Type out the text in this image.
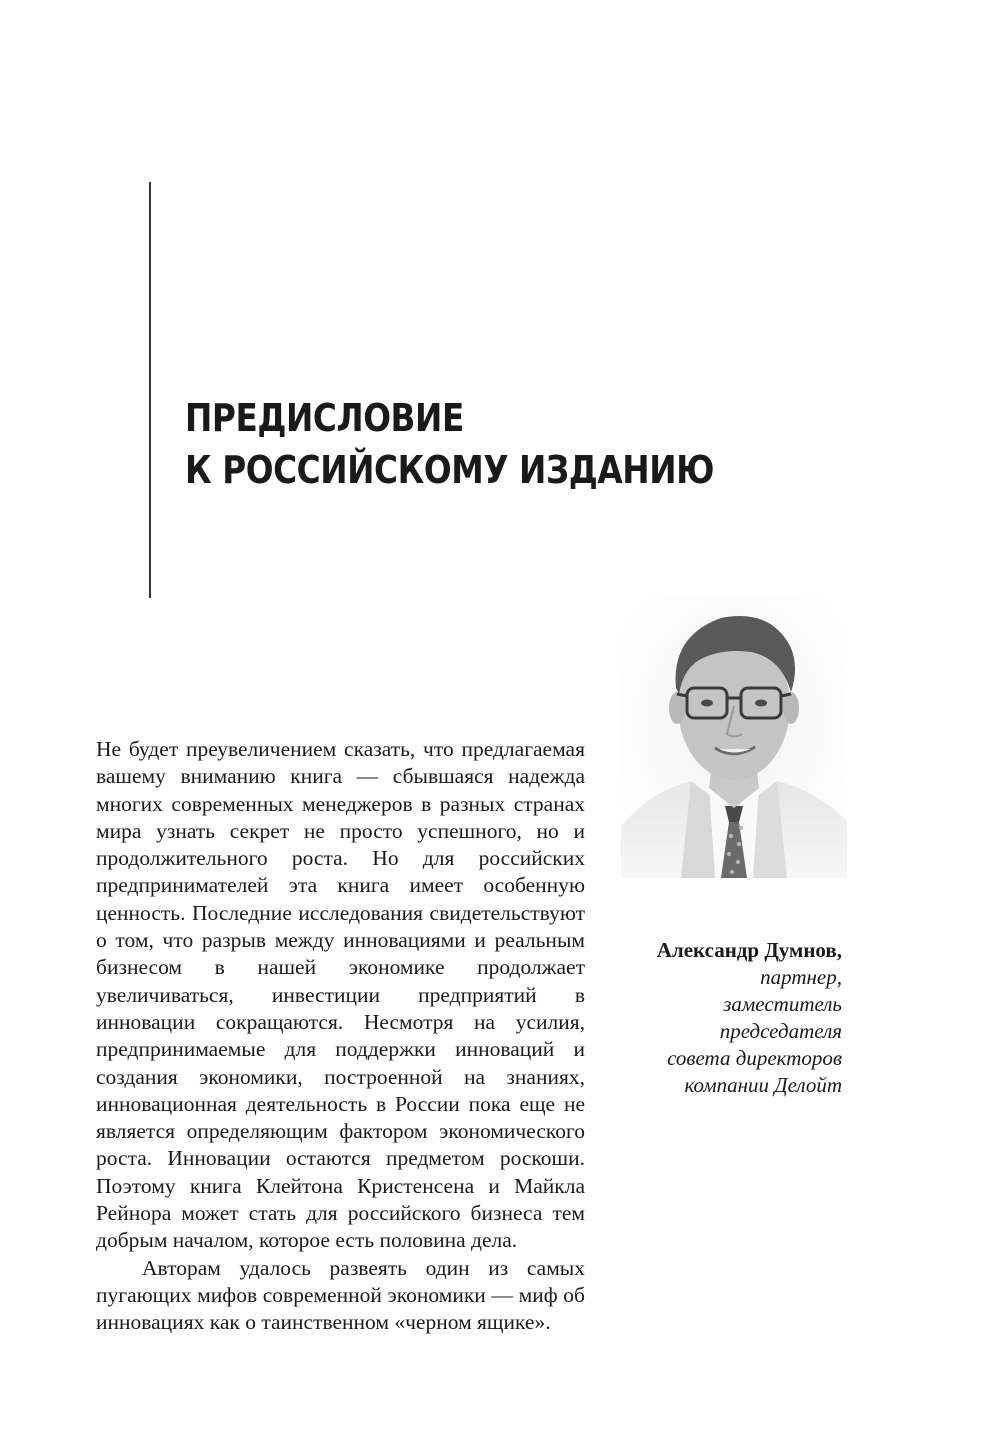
ПРЕДИСЛОВИЕ
К РОССИЙСКОМУ ИЗДАНИЮ
Александр Думнов,
партнер,
заместитель
председателя
совета директоров
компании Делойт

Не будет преувеличением сказать, что предлагаемая вашему вниманию книга — сбывшаяся надежда многих современных менеджеров в разных странах мира узнать секрет не просто успешного, но и продолжительного роста. Но для российских предпринимателей эта книга имеет особенную ценность. Последние исследования свидетельствуют о том, что разрыв между инновациями и реальным бизнесом в нашей экономике продолжает увеличиваться, инвестиции предприятий в инновации сокращаются. Несмотря на усилия, предпринимаемые для поддержки инноваций и создания экономики, построенной на знаниях, инновационная деятельность в России пока еще не является определяющим фактором экономического роста. Инновации остаются предметом роскоши. Поэтому книга Клейтона Кристенсена и Майкла Рейнора может стать для российского бизнеса тем добрым началом, которое есть половина дела.

Авторам удалось развеять один из самых пугающих мифов современной экономики — миф об инновациях как о таинственном «черном ящике».
